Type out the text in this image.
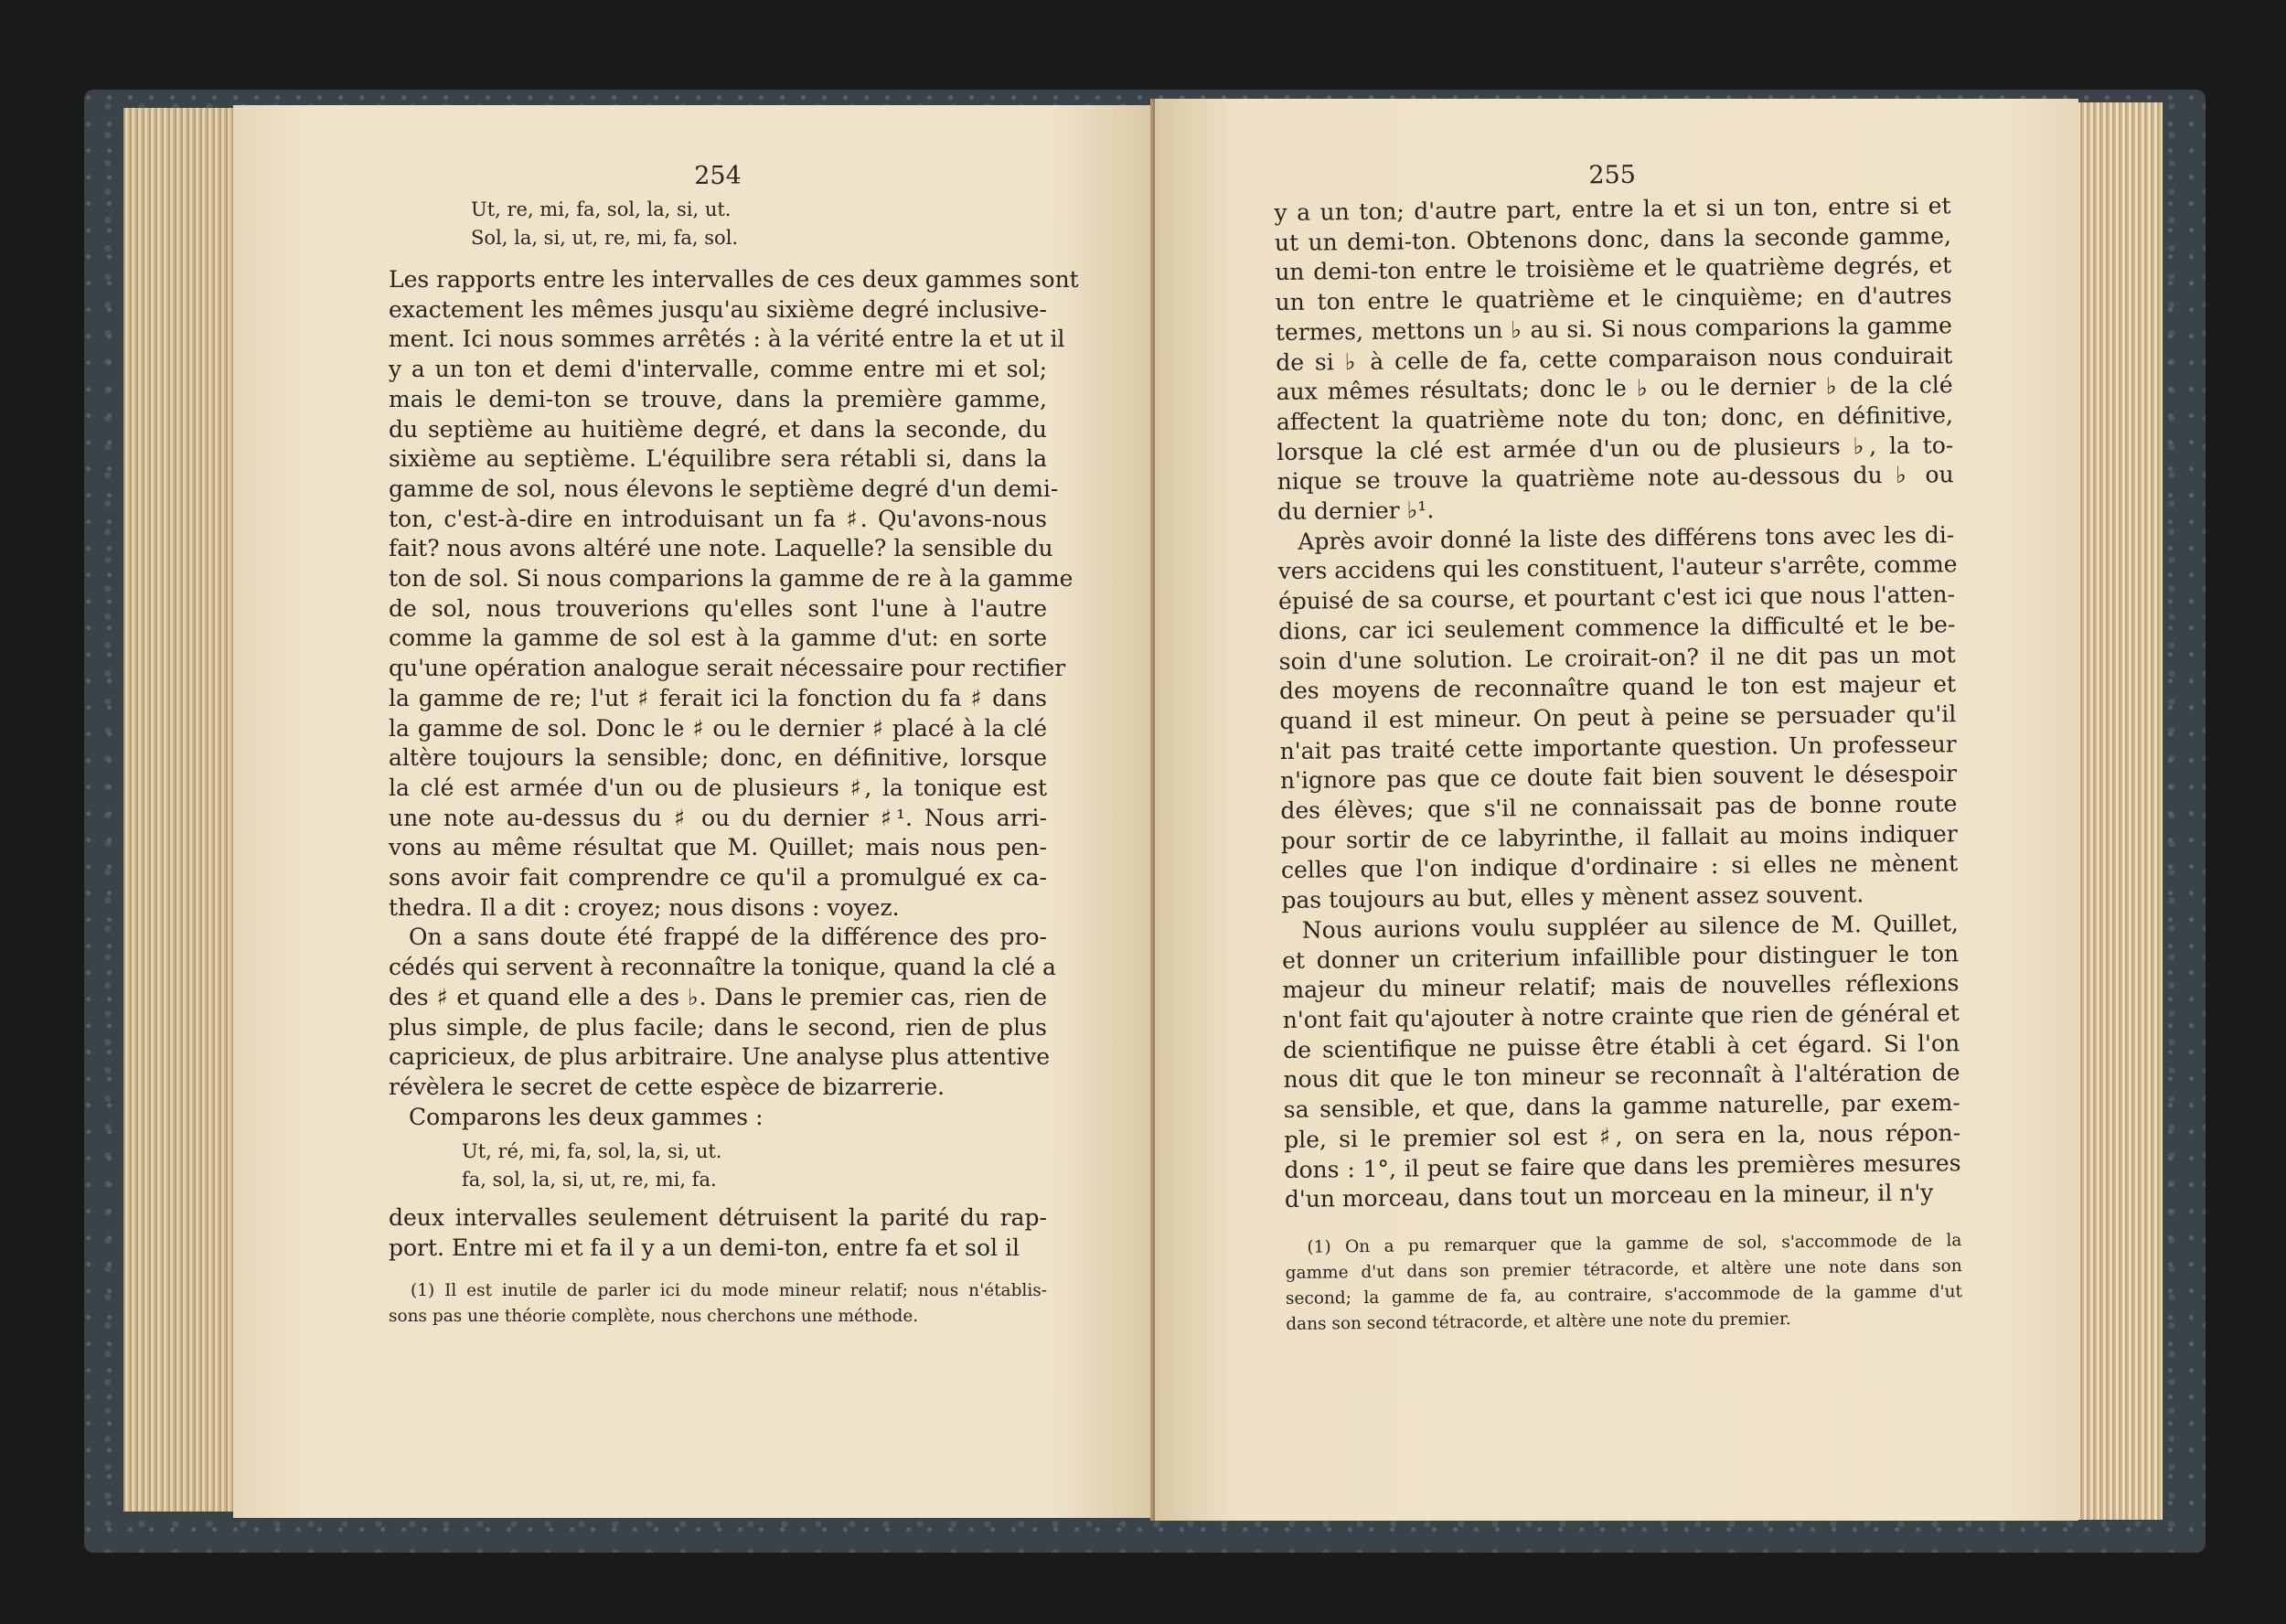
254
Ut, re, mi, fa, sol, la, si, ut.
Sol, la, si, ut, re, mi, fa, sol.
Les rapports entre les intervalles de ces deux gammes sont
exactement les mêmes jusqu'au sixième degré inclusive-
ment. Ici nous sommes arrêtés : à la vérité entre la et ut il
y a un ton et demi d'intervalle, comme entre mi et sol;
mais le demi-ton se trouve, dans la première gamme,
du septième au huitième degré, et dans la seconde, du
sixième au septième. L'équilibre sera rétabli si, dans la
gamme de sol, nous élevons le septième degré d'un demi-
ton, c'est-à-dire en introduisant un fa ♯. Qu'avons-nous
fait? nous avons altéré une note. Laquelle? la sensible du
ton de sol. Si nous comparions la gamme de re à la gamme
de sol, nous trouverions qu'elles sont l'une à l'autre
comme la gamme de sol est à la gamme d'ut: en sorte
qu'une opération analogue serait nécessaire pour rectifier
la gamme de re; l'ut ♯ ferait ici la fonction du fa ♯ dans
la gamme de sol. Donc le ♯ ou le dernier ♯ placé à la clé
altère toujours la sensible; donc, en définitive, lorsque
la clé est armée d'un ou de plusieurs ♯, la tonique est
une note au-dessus du ♯ ou du dernier ♯¹. Nous arri-
vons au même résultat que M. Quillet; mais nous pen-
sons avoir fait comprendre ce qu'il a promulgué ex ca-
thedra. Il a dit : croyez; nous disons : voyez.
On a sans doute été frappé de la différence des pro-
cédés qui servent à reconnaître la tonique, quand la clé a
des ♯ et quand elle a des ♭. Dans le premier cas, rien de
plus simple, de plus facile; dans le second, rien de plus
capricieux, de plus arbitraire. Une analyse plus attentive
révèlera le secret de cette espèce de bizarrerie.
Comparons les deux gammes :
Ut, ré, mi, fa, sol, la, si, ut.
fa, sol, la, si, ut, re, mi, fa.
deux intervalles seulement détruisent la parité du rap-
port. Entre mi et fa il y a un demi-ton, entre fa et sol il
(1) Il est inutile de parler ici du mode mineur relatif; nous n'établis-
sons pas une théorie complète, nous cherchons une méthode.
255
y a un ton; d'autre part, entre la et si un ton, entre si et
ut un demi-ton. Obtenons donc, dans la seconde gamme,
un demi-ton entre le troisième et le quatrième degrés, et
un ton entre le quatrième et le cinquième; en d'autres
termes, mettons un ♭ au si. Si nous comparions la gamme
de si ♭ à celle de fa, cette comparaison nous conduirait
aux mêmes résultats; donc le ♭ ou le dernier ♭ de la clé
affectent la quatrième note du ton; donc, en définitive,
lorsque la clé est armée d'un ou de plusieurs ♭, la to-
nique se trouve la quatrième note au-dessous du ♭ ou
du dernier ♭¹.
Après avoir donné la liste des différens tons avec les di-
vers accidens qui les constituent, l'auteur s'arrête, comme
épuisé de sa course, et pourtant c'est ici que nous l'atten-
dions, car ici seulement commence la difficulté et le be-
soin d'une solution. Le croirait-on? il ne dit pas un mot
des moyens de reconnaître quand le ton est majeur et
quand il est mineur. On peut à peine se persuader qu'il
n'ait pas traité cette importante question. Un professeur
n'ignore pas que ce doute fait bien souvent le désespoir
des élèves; que s'il ne connaissait pas de bonne route
pour sortir de ce labyrinthe, il fallait au moins indiquer
celles que l'on indique d'ordinaire : si elles ne mènent
pas toujours au but, elles y mènent assez souvent.
Nous aurions voulu suppléer au silence de M. Quillet,
et donner un criterium infaillible pour distinguer le ton
majeur du mineur relatif; mais de nouvelles réflexions
n'ont fait qu'ajouter à notre crainte que rien de général et
de scientifique ne puisse être établi à cet égard. Si l'on
nous dit que le ton mineur se reconnaît à l'altération de
sa sensible, et que, dans la gamme naturelle, par exem-
ple, si le premier sol est ♯, on sera en la, nous répon-
dons : 1°, il peut se faire que dans les premières mesures
d'un morceau, dans tout un morceau en la mineur, il n'y
(1) On a pu remarquer que la gamme de sol, s'accommode de la
gamme d'ut dans son premier tétracorde, et altère une note dans son
second; la gamme de fa, au contraire, s'accommode de la gamme d'ut
dans son second tétracorde, et altère une note du premier.
